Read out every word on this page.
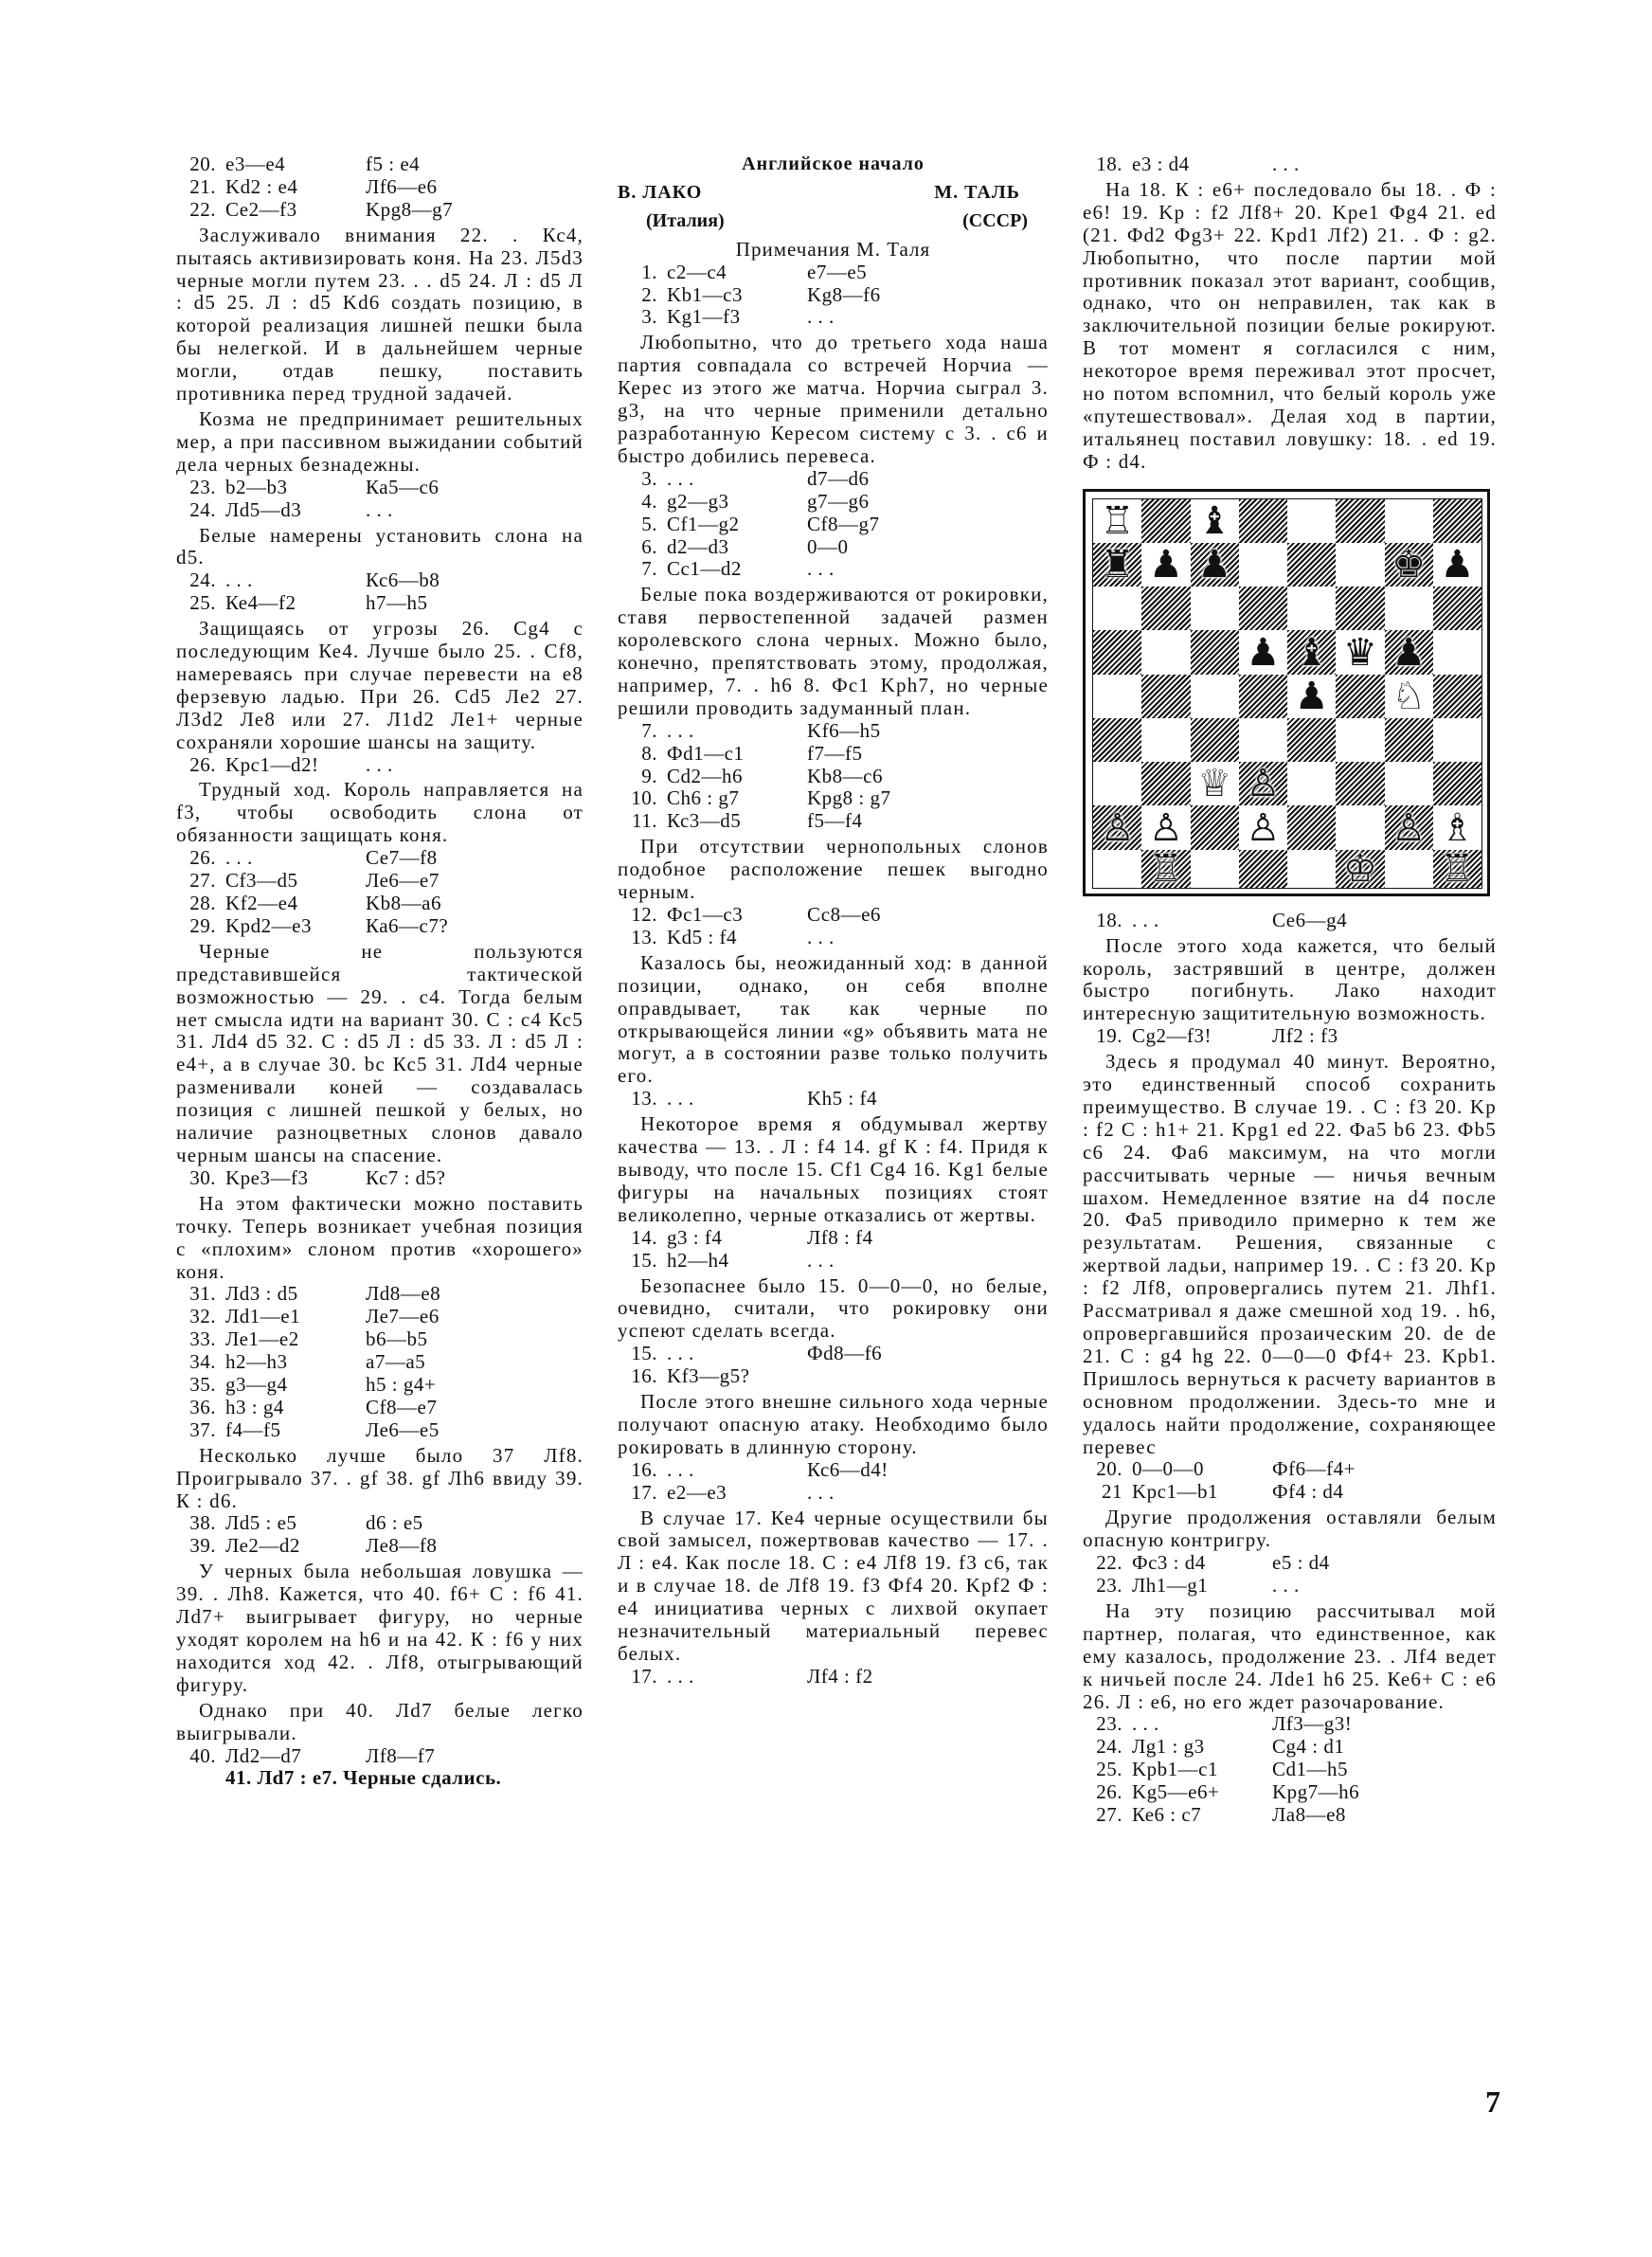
20. е3—е4	f5 : е4
21. Kd2 : е4	Лf6—е6
22. Се2—f3	Kpg8—g7

Заслуживало внимания 22. . Кс4, пытаясь активизировать коня. На 23. Л5d3 черные могли путем 23. . . d5 24. Л : d5 Л : d5 25. Л : d5 Kd6 создать позицию, в которой реализация лишней пешки была бы нелегкой. И в дальнейшем черные могли, отдав пешку, поставить противника перед трудной задачей.

Козма не предпринимает решительных мер, а при пассивном выжидании событий дела черных безнадежны.

23. b2—b3	Ка5—с6
24. Лd5—d3	. . .

Белые намерены установить слона на d5.

24. . . .	Кс6—b8
25. Ке4—f2	h7—h5

Защищаясь от угрозы 26. Cg4 с последующим Ке4. Лучше было 25. . Cf8, намереваясь при случае перевести на е8 ферзевую ладью. При 26. Cd5 Ле2 27. Л3d2 Ле8 или 27. Л1d2 Ле1+ черные сохраняли хорошие шансы на защиту.

26. Kpc1—d2!	. . .

Трудный ход. Король направляется на f3, чтобы освободить слона от обязанности защищать коня.

26. . . .	Се7—f8
27. Cf3—d5	Ле6—е7
28. Kf2—e4	Kb8—a6
29. Kpd2—e3	Ка6—с7?

Черные не пользуются представившейся тактической возможностью — 29. . с4. Тогда белым нет смысла идти на вариант 30. С : с4 Кс5 31. Лd4 d5 32. С : d5 Л : d5 33. Л : d5 Л : е4+, а в случае 30. bc Кс5 31. Лd4 черные разменивали коней — создавалась позиция с лишней пешкой у белых, но наличие разноцветных слонов давало черным шансы на спасение.

30. Kpe3—f3	Кс7 : d5?

На этом фактически можно поставить точку. Теперь возникает учебная позиция с «плохим» слоном против «хорошего» коня.

31. Лd3 : d5	Лd8—е8
32. Лd1—е1	Ле7—е6
33. Ле1—е2	b6—b5
34. h2—h3	а7—а5
35. g3—g4	h5 : g4+
36. h3 : g4	Cf8—е7
37. f4—f5	Ле6—е5

Несколько лучше было 37 Лf8. Проигрывало 37. . gf 38. gf Лh6 ввиду 39. К : d6.

38. Лd5 : е5	d6 : е5
39. Ле2—d2	Ле8—f8

У черных была небольшая ловушка — 39. . Лh8. Кажется, что 40. f6+ C : f6 41. Лd7+ выигрывает фигуру, но черные уходят королем на h6 и на 42. К : f6 у них находится ход 42. . Лf8, отыгрывающий фигуру.

Однако при 40. Лd7 белые легко выигрывали.

40. Лd2—d7	Лf8—f7
41. Лd7 : е7. Черные сдались.
Английское начало
В. ЛАКО	М. ТАЛЬ
(Италия)	(СССР)
Примечания М. Таля
1. с2—с4	е7—е5
2. Kb1—c3	Kg8—f6
3. Kg1—f3	. . .

Любопытно, что до третьего хода наша партия совпадала со встречей Норчиа — Керес из этого же матча. Норчиа сыграл 3. g3, на что черные применили детально разработанную Кересом систему с 3. . с6 и быстро добились перевеса.

3. . . .	d7—d6
4. g2—g3	g7—g6
5. Cf1—g2	Cf8—g7
6. d2—d3	0—0
7. Cc1—d2	. . .

Белые пока воздерживаются от рокировки, ставя первостепенной задачей размен королевского слона черных. Можно было, конечно, препятствовать этому, продолжая, например, 7. . h6 8. Фс1 Kph7, но черные решили проводить задуманный план.

7. . . .	Kf6—h5
8. Фd1—c1	f7—f5
9. Cd2—h6	Kb8—c6
10. Ch6 : g7	Kpg8 : g7
11. Кс3—d5	f5—f4

При отсутствии чернопольных слонов подобное расположение пешек выгодно черным.

12. Фс1—с3	Сс8—е6
13. Kd5 : f4	. . .

Казалось бы, неожиданный ход: в данной позиции, однако, он себя вполне оправдывает, так как черные по открывающейся линии «g» объявить мата не могут, а в состоянии разве только получить его.

13. . . .	Kh5 : f4

Некоторое время я обдумывал жертву качества — 13. . Л : f4 14. gf К : f4. Придя к выводу, что после 15. Cf1 Cg4 16. Kg1 белые фигуры на начальных позициях стоят великолепно, черные отказались от жертвы.

14. g3 : f4	Лf8 : f4
15. h2—h4	. . .

Безопаснее было 15. 0—0—0, но белые, очевидно, считали, что рокировку они успеют сделать всегда.

15. . . .	Фd8—f6
16. Kf3—g5?

После этого внешне сильного хода черные получают опасную атаку. Необходимо было рокировать в длинную сторону.

16. . . .	Кс6—d4!
17. е2—е3	. . .

В случае 17. Ке4 черные осуществили бы свой замысел, пожертвовав качество — 17. . Л : е4. Как после 18. С : е4 Лf8 19. f3 с6, так и в случае 18. de Лf8 19. f3 Фf4 20. Kpf2 Ф : е4 инициатива черных с лихвой окупает незначительный материальный перевес белых.

17. . . .	Лf4 : f2
18. е3 : d4	. . .

На 18. К : е6+ последовало бы 18. . Ф : е6! 19. Kp : f2 Лf8+ 20. Kpe1 Фg4 21. ed (21. Фd2 Фg3+ 22. Kpd1 Лf2) 21. . Ф : g2. Любопытно, что после партии мой противник показал этот вариант, сообщив, однако, что он неправилен, так как в заключительной позиции белые рокируют. В тот момент я согласился с ним, некоторое время переживал этот просчет, но потом вспомнил, что белый король уже «путешествовал». Делая ход в партии, итальянец поставил ловушку: 18. . ed 19. Ф : d4.

♖ ♝
♜ ♟ ♟	♚ ♟
♟ ♝ ♛ ♟
♟ ♘
♕ ♙
♙ ♙ ♙	♙ ♗
♖	♔ ♖
18. . . .	Се6—g4

После этого хода кажется, что белый король, застрявший в центре, должен быстро погибнуть. Лако находит интересную защитительную возможность.

19. Cg2—f3!	Лf2 : f3

Здесь я продумал 40 минут. Вероятно, это единственный способ сохранить преимущество. В случае 19. . С : f3 20. Kp : f2 C : h1+ 21. Kpg1 ed 22. Фа5 b6 23. Фb5 с6 24. Фа6 максимум, на что могли рассчитывать черные — ничья вечным шахом. Немедленное взятие на d4 после 20. Фа5 приводило примерно к тем же результатам. Решения, связанные с жертвой ладьи, например 19. . С : f3 20. Kp : f2 Лf8, опровергались путем 21. Лhf1. Рассматривал я даже смешной ход 19. . h6, опровергавшийся прозаическим 20. de de 21. C : g4 hg 22. 0—0—0 Фf4+ 23. Kpb1. Пришлось вернуться к расчету вариантов в основном продолжении. Здесь-то мне и удалось найти продолжение, сохраняющее перевес

20. 0—0—0	Фf6—f4+
21 Kpc1—b1	Фf4 : d4

Другие продолжения оставляли белым опасную контригру.

22. Фс3 : d4	е5 : d4
23. Лh1—g1	. . .

На эту позицию рассчитывал мой партнер, полагая, что единственное, как ему казалось, продолжение 23. . Лf4 ведет к ничьей после 24. Лde1 h6 25. Ке6+ С : е6 26. Л : е6, но его ждет разочарование.

23. . . .	Лf3—g3!
24. Лg1 : g3	Cg4 : d1
25. Kpb1—c1	Cd1—h5
26. Kg5—e6+	Kpg7—h6
27. Ке6 : с7	Ла8—е8
7
